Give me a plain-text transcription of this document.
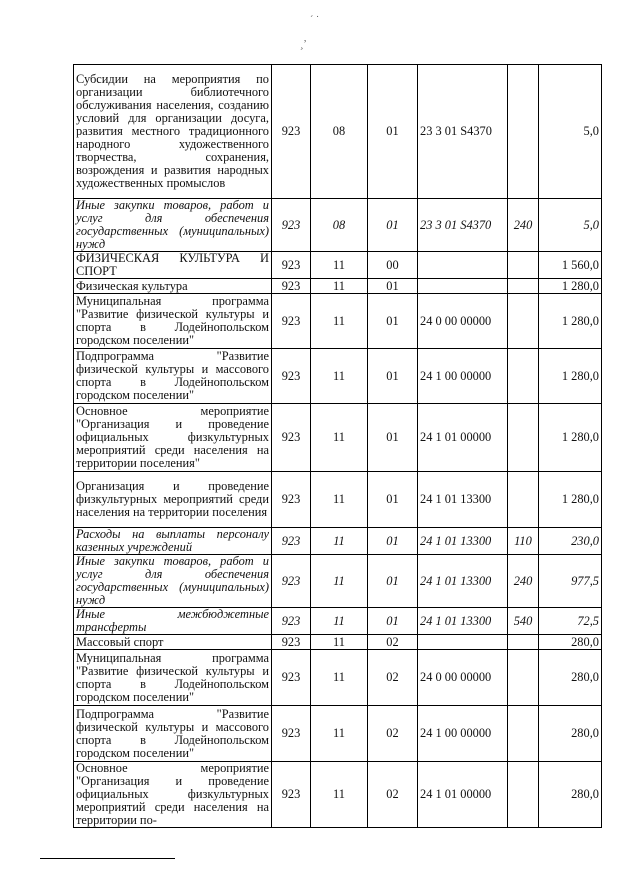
´ ˙
¸’
Субсидии на мероприятия по организации библиотечного обслуживания населения, созданию условий для организации досуга, развития местного традиционного народного художественного творчества, сохранения, возрождения и развития народных художественных промыслов	923	08	01	23 3 01 S4370		5,0
Иные закупки товаров, работ и услуг для обеспечения государственных (муниципальных) нужд	923	08	01	23 3 01 S4370	240	5,0
ФИЗИЧЕСКАЯ КУЛЬТУРА И СПОРТ	923	11	00			1 560,0
Физическая культура	923	11	01			1 280,0
Муниципальная программа "Развитие физической культуры и спорта в Лодейнопольском городском поселении"	923	11	01	24 0 00 00000		1 280,0
Подпрограмма "Развитие физической культуры и массового спорта в Лодейнопольском городском поселении"	923	11	01	24 1 00 00000		1 280,0
Основное мероприятие "Организация и проведение официальных физкультурных мероприятий среди населения на территории поселения"	923	11	01	24 1 01 00000		1 280,0
Организация и проведение физкультурных мероприятий среди населения на территории поселения	923	11	01	24 1 01 13300		1 280,0
Расходы на выплаты персоналу казенных учреждений	923	11	01	24 1 01 13300	110	230,0
Иные закупки товаров, работ и услуг для обеспечения государственных (муниципальных) нужд	923	11	01	24 1 01 13300	240	977,5
Иные межбюджетные трансферты	923	11	01	24 1 01 13300	540	72,5
Массовый спорт	923	11	02			280,0
Муниципальная программа "Развитие физической культуры и спорта в Лодейнопольском городском поселении"	923	11	02	24 0 00 00000		280,0
Подпрограмма "Развитие физической культуры и массового спорта в Лодейнопольском городском поселении"	923	11	02	24 1 00 00000		280,0
Основное мероприятие "Организация и проведение официальных физкультурных мероприятий среди населения на территории по-	923	11	02	24 1 01 00000		280,0
